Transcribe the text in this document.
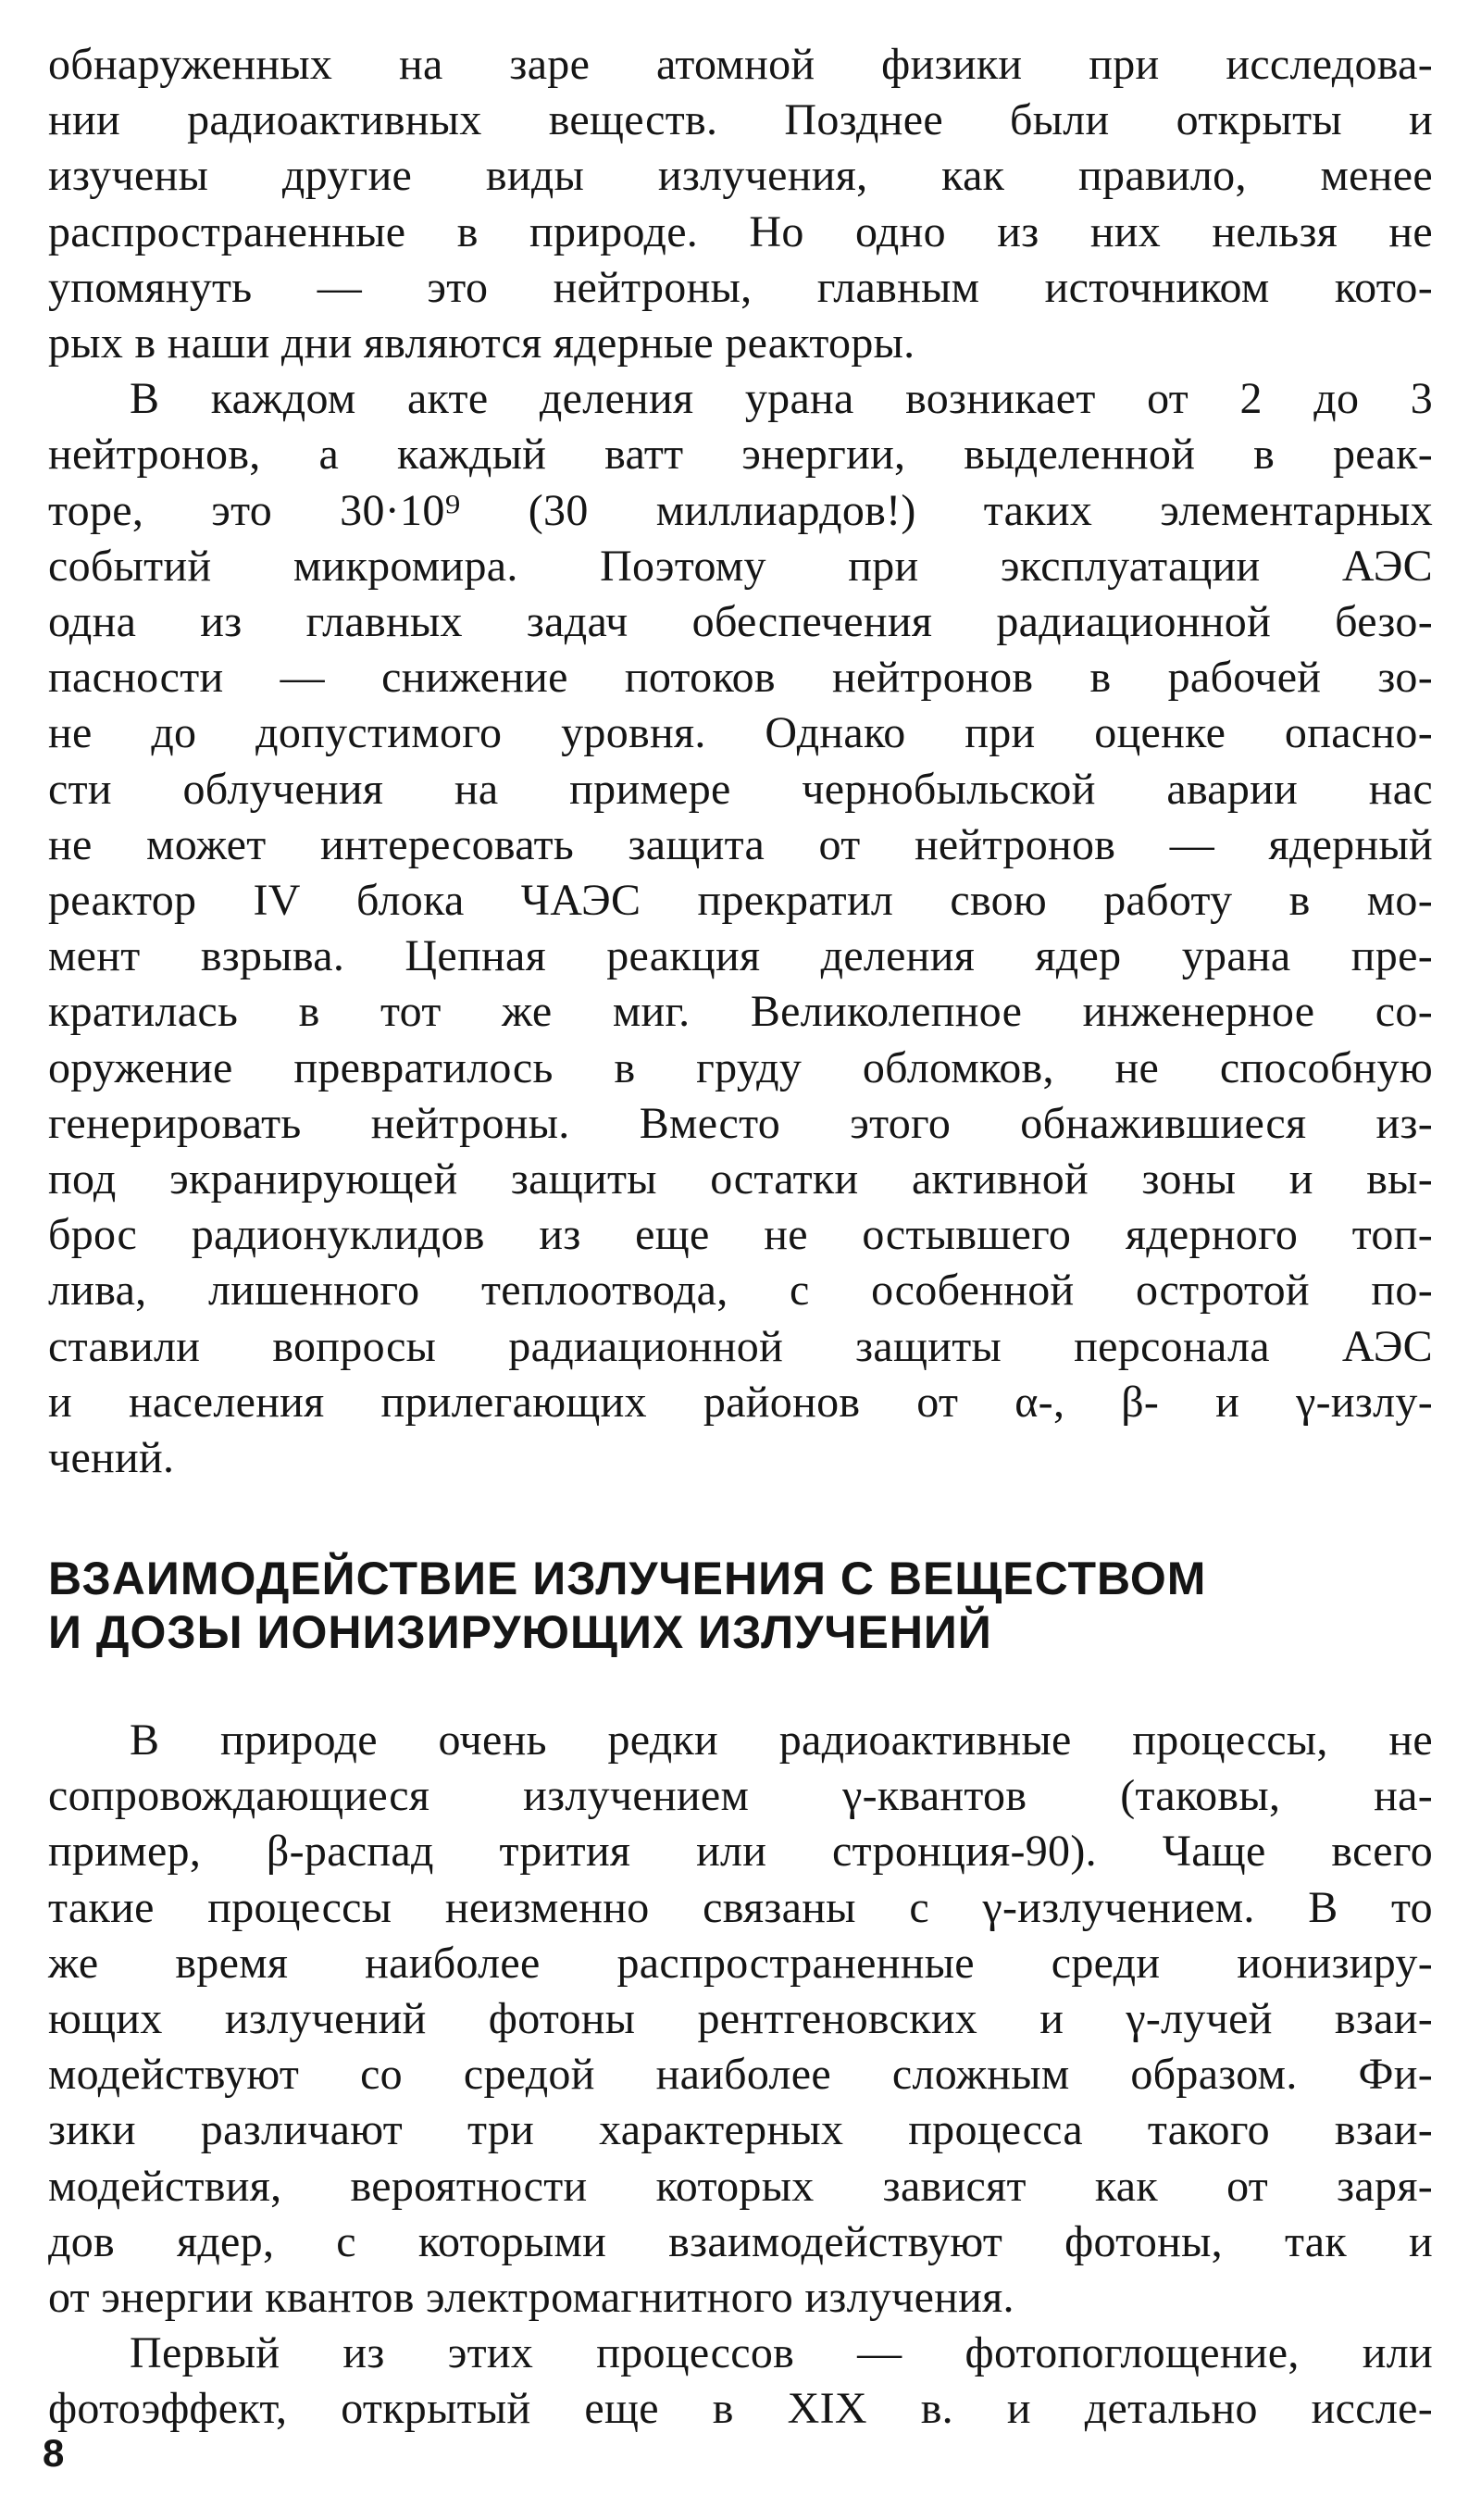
обнаруженных на заре атомной физики при исследова-
нии радиоактивных веществ. Позднее были открыты и
изучены другие виды излучения, как правило, менее
распространенные в природе. Но одно из них нельзя не
упомянуть — это нейтроны, главным источником кото-
рых в наши дни являются ядерные реакторы.

В каждом акте деления урана возникает от 2 до 3
нейтронов, а каждый ватт энергии, выделенной в реак-
торе, это 30·10⁹ (30 миллиардов!) таких элементарных
событий микромира. Поэтому при эксплуатации АЭС
одна из главных задач обеспечения радиационной безо-
пасности — снижение потоков нейтронов в рабочей зо-
не до допустимого уровня. Однако при оценке опасно-
сти облучения на примере чернобыльской аварии нас
не может интересовать защита от нейтронов — ядерный
реактор IV блока ЧАЭС прекратил свою работу в мо-
мент взрыва. Цепная реакция деления ядер урана пре-
кратилась в тот же миг. Великолепное инженерное со-
оружение превратилось в груду обломков, не способную
генерировать нейтроны. Вместо этого обнажившиеся из-
под экранирующей защиты остатки активной зоны и вы-
брос радионуклидов из еще не остывшего ядерного топ-
лива, лишенного теплоотвода, с особенной остротой по-
ставили вопросы радиационной защиты персонала АЭС
и населения прилегающих районов от α-, β- и γ-излу-
чений.

ВЗАИМОДЕЙСТВИЕ ИЗЛУЧЕНИЯ С ВЕЩЕСТВОМ
И ДОЗЫ ИОНИЗИРУЮЩИХ ИЗЛУЧЕНИЙ

В природе очень редки радиоактивные процессы, не
сопровождающиеся излучением γ-квантов (таковы, на-
пример, β-распад трития или стронция-90). Чаще всего
такие процессы неизменно связаны с γ-излучением. В то
же время наиболее распространенные среди ионизиру-
ющих излучений фотоны рентгеновских и γ-лучей взаи-
модействуют со средой наиболее сложным образом. Фи-
зики различают три характерных процесса такого взаи-
модействия, вероятности которых зависят как от заря-
дов ядер, с которыми взаимодействуют фотоны, так и
от энергии квантов электромагнитного излучения.

Первый из этих процессов — фотопоглощение, или
фотоэффект, открытый еще в XIX в. и детально иссле-

8
